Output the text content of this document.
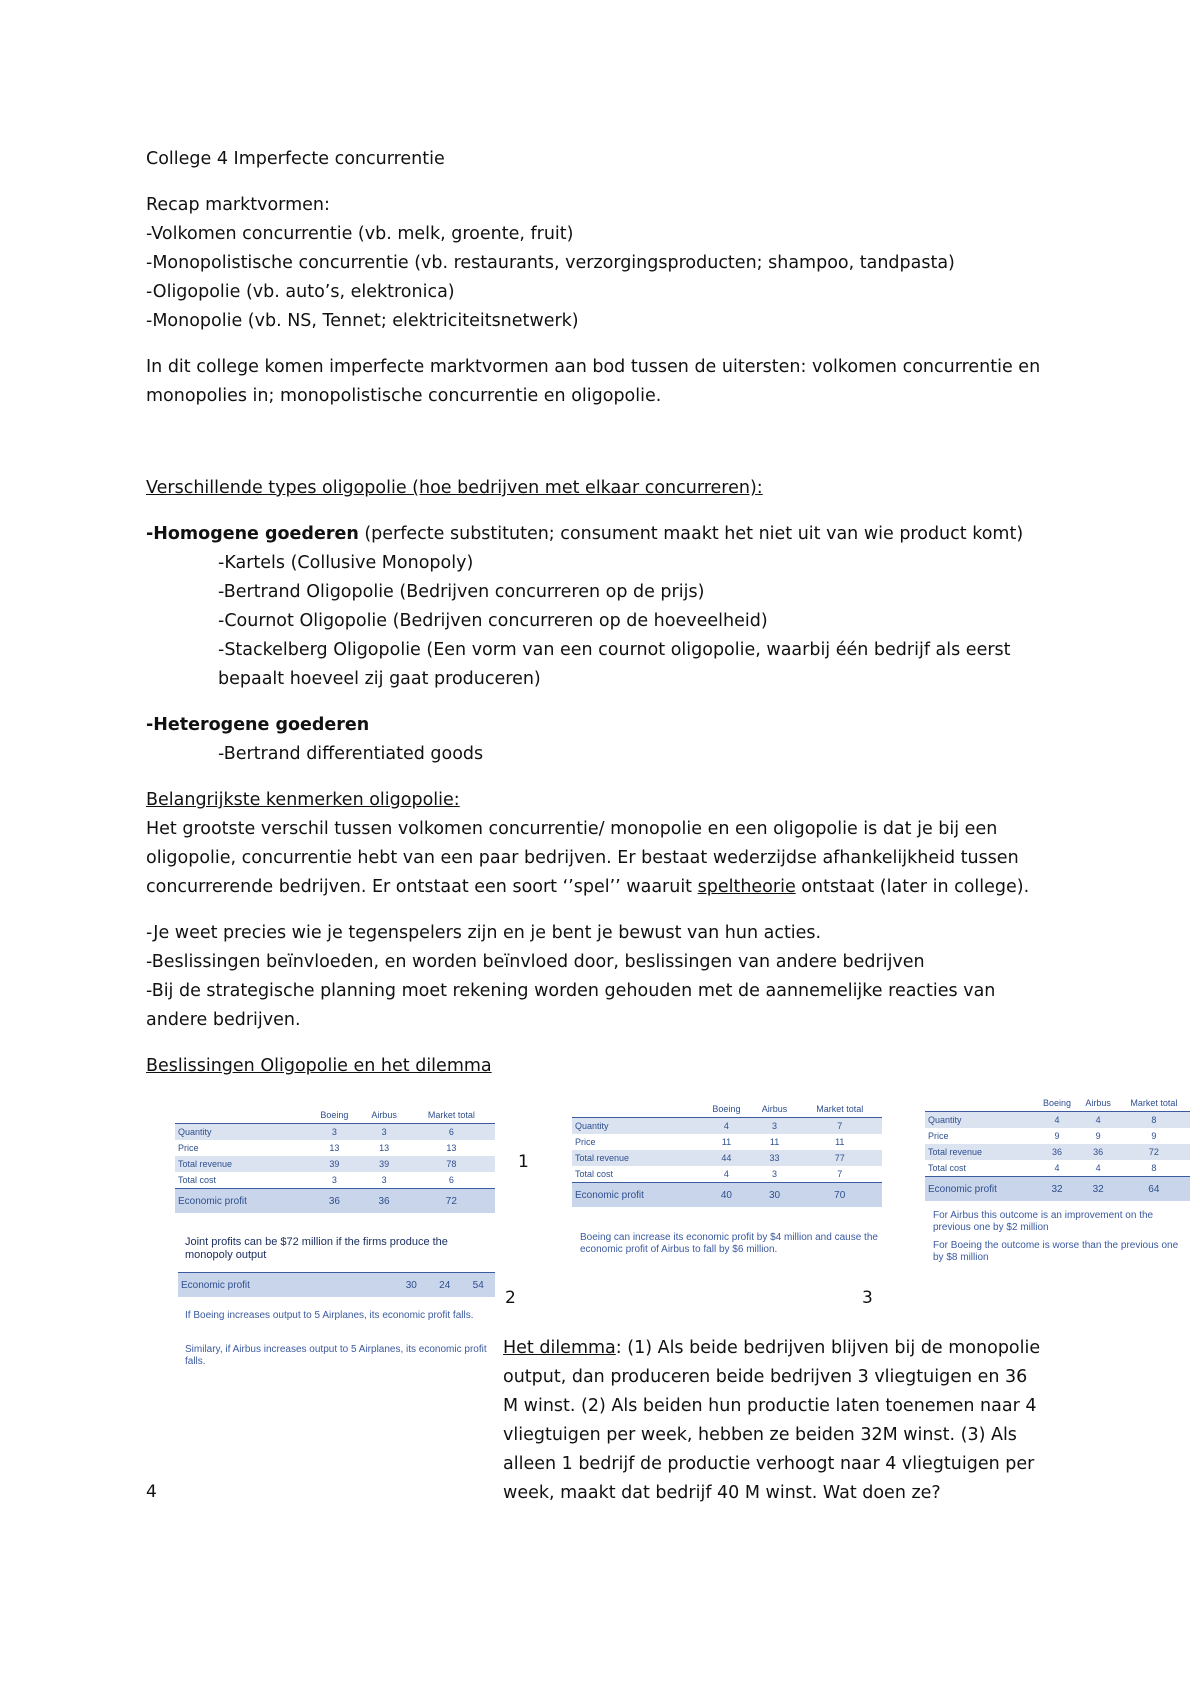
College 4 Imperfecte concurrentie
Recap marktvormen:
-Volkomen concurrentie (vb. melk, groente, fruit)
-Monopolistische concurrentie (vb. restaurants, verzorgingsproducten; shampoo, tandpasta)
-Oligopolie (vb. auto’s, elektronica)
-Monopolie (vb. NS, Tennet; elektriciteitsnetwerk)
In dit college komen imperfecte marktvormen aan bod tussen de uitersten: volkomen concurrentie en
monopolies in; monopolistische concurrentie en oligopolie.
Verschillende types oligopolie (hoe bedrijven met elkaar concurreren):
-Homogene goederen (perfecte substituten; consument maakt het niet uit van wie product komt)
-Kartels (Collusive Monopoly)
-Bertrand Oligopolie (Bedrijven concurreren op de prijs)
-Cournot Oligopolie (Bedrijven concurreren op de hoeveelheid)
-Stackelberg Oligopolie (Een vorm van een cournot oligopolie, waarbij één bedrijf als eerst
bepaalt hoeveel zij gaat produceren)
-Heterogene goederen
-Bertrand differentiated goods
Belangrijkste kenmerken oligopolie:
Het grootste verschil tussen volkomen concurrentie/ monopolie en een oligopolie is dat je bij een
oligopolie, concurrentie hebt van een paar bedrijven. Er bestaat wederzijdse afhankelijkheid tussen
concurrerende bedrijven. Er ontstaat een soort ‘’spel’’ waaruit speltheorie ontstaat (later in college).
-Je weet precies wie je tegenspelers zijn en je bent je bewust van hun acties.
-Beslissingen beïnvloeden, en worden beïnvloed door, beslissingen van andere bedrijven
-Bij de strategische planning moet rekening worden gehouden met de aannemelijke reacties van
andere bedrijven.
Beslissingen Oligopolie en het dilemma
	Boeing	Airbus	Market total
Quantity	3	3	6
Price	13	13	13
Total revenue	39	39	78
Total cost	3	3	6
Economic profit	36	36	72
Joint profits can be $72 million if the firms produce the monopoly output
Economic profit	30	24	54
If Boeing increases output to 5 Airplanes, its economic profit falls.
Similary, if Airbus increases output to 5 Airplanes, its economic profit falls.
	Boeing	Airbus	Market total
Quantity	4	3	7
Price	11	11	11
Total revenue	44	33	77
Total cost	4	3	7
Economic profit	40	30	70
Boeing can increase its economic profit by $4 million and cause the economic profit of Airbus to fall by $6 million.
	Boeing	Airbus	Market total
Quantity	4	4	8
Price	9	9	9
Total revenue	36	36	72
Total cost	4	4	8
Economic profit	32	32	64
For Airbus this outcome is an improvement on the previous one by $2 million
For Boeing the outcome is worse than the previous one by $8 million
1
2	3
4
Het dilemma: (1) Als beide bedrijven blijven bij de monopolie
output, dan produceren beide bedrijven 3 vliegtuigen en 36
M winst. (2) Als beiden hun productie laten toenemen naar 4
vliegtuigen per week, hebben ze beiden 32M winst. (3) Als
alleen 1 bedrijf de productie verhoogt naar 4 vliegtuigen per
week, maakt dat bedrijf 40 M winst. Wat doen ze?
